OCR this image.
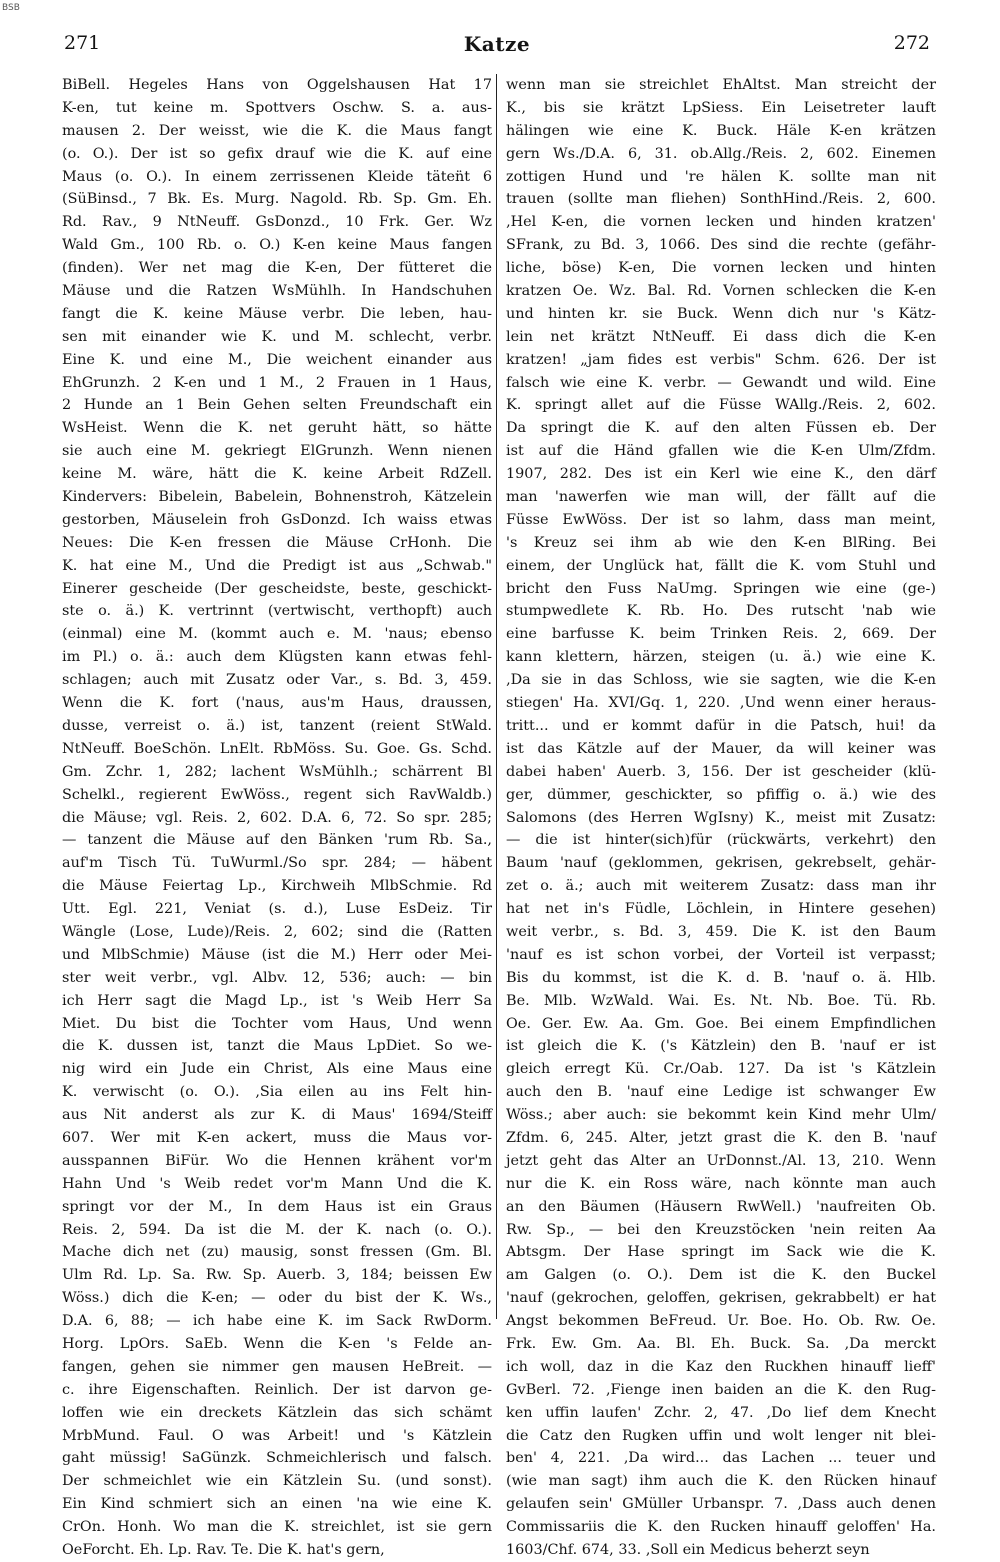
BSB
271	Katze	272
BiBell. Hegeles Hans von Oggelshausen Hat 17
K-en, tut keine m. Spottvers Oschw. S. a. aus-
mausen 2. Der weisst, wie die K. die Maus fangt
(o. O.). Der ist so gefix drauf wie die K. auf eine
Maus (o. O.). In einem zerrissenen Kleide täten̈t 6
(SüBinsd., 7 Bk. Es. Murg. Nagold. Rb. Sp. Gm. Eh.
Rd. Rav., 9 NtNeuff. GsDonzd., 10 Frk. Ger. Wz
Wald Gm., 100 Rb. o. O.) K-en keine Maus fangen
(finden). Wer net mag die K-en, Der fütteret die
Mäuse und die Ratzen WsMühlh. In Handschuhen
fangt die K. keine Mäuse verbr. Die leben, hau-
sen mit einander wie K. und M. schlecht, verbr.
Eine K. und eine M., Die weichent einander aus
EhGrunzh. 2 K-en und 1 M., 2 Frauen in 1 Haus,
2 Hunde an 1 Bein Gehen selten Freundschaft ein
WsHeist. Wenn die K. net geruht hätt, so hätte
sie auch eine M. gekriegt ElGrunzh. Wenn nienen
keine M. wäre, hätt die K. keine Arbeit RdZell.
Kindervers: Bibelein, Babelein, Bohnenstroh, Kätzelein
gestorben, Mäuselein froh GsDonzd. Ich waiss etwas
Neues: Die K-en fressen die Mäuse CrHonh. Die
K. hat eine M., Und die Predigt ist aus „Schwab."
Einerer gescheide (Der gescheidste, beste, geschickt-
ste o. ä.) K. vertrinnt (vertwischt, verthopft) auch
(einmal) eine M. (kommt auch e. M. 'naus; ebenso
im Pl.) o. ä.: auch dem Klügsten kann etwas fehl-
schlagen; auch mit Zusatz oder Var., s. Bd. 3, 459.
Wenn die K. fort ('naus, aus'm Haus, draussen,
dusse, verreist o. ä.) ist, tanzent (reient StWald.
NtNeuff. BoeSchön. LnElt. RbMöss. Su. Goe. Gs. Schd.
Gm. Zchr. 1, 282; lachent WsMühlh.; schärrent Bl
Schelkl., regierent EwWöss., regent sich RavWaldb.)
die Mäuse; vgl. Reis. 2, 602. D.A. 6, 72. So spr. 285;
— tanzent die Mäuse auf den Bänken 'rum Rb. Sa.,
auf'm Tisch Tü. TuWurml./So spr. 284; — häbent
die Mäuse Feiertag Lp., Kirchweih MlbSchmie. Rd
Utt. Egl. 221, Veniat (s. d.), Luse EsDeiz. Tir
Wängle (Lose, Lude)/Reis. 2, 602; sind die (Ratten
und MlbSchmie) Mäuse (ist die M.) Herr oder Mei-
ster weit verbr., vgl. Albv. 12, 536; auch: — bin
ich Herr sagt die Magd Lp., ist 's Weib Herr Sa
Miet. Du bist die Tochter vom Haus, Und wenn
die K. dussen ist, tanzt die Maus LpDiet. So we-
nig wird ein Jude ein Christ, Als eine Maus eine
K. verwischt (o. O.). ‚Sia eilen au ins Felt hin-
aus Nit anderst als zur K. di Maus' 1694/Steiff
607. Wer mit K-en ackert, muss die Maus vor-
ausspannen BiFür. Wo die Hennen krähent vor'm
Hahn Und 's Weib redet vor'm Mann Und die K.
springt vor der M., In dem Haus ist ein Graus
Reis. 2, 594. Da ist die M. der K. nach (o. O.).
Mache dich net (zu) mausig, sonst fressen (Gm. Bl.
Ulm Rd. Lp. Sa. Rw. Sp. Auerb. 3, 184; beissen Ew
Wöss.) dich die K-en; — oder du bist der K. Ws.,
D.A. 6, 88; — ich habe eine K. im Sack RwDorm.
Horg. LpOrs. SaEb. Wenn die K-en 's Felde an-
fangen, gehen sie nimmer gen mausen HeBreit. —
c. ihre Eigenschaften. Reinlich. Der ist darvon ge-
loffen wie ein dreckets Kätzlein das sich schämt
MrbMund. Faul. O was Arbeit! und 's Kätzlein
gaht müssig! SaGünzk. Schmeichlerisch und falsch.
Der schmeichlet wie ein Kätzlein Su. (und sonst).
Ein Kind schmiert sich an einen 'na wie eine K.
CrOn. Honh. Wo man die K. streichlet, ist sie gern
OeForcht. Eh. Lp. Rav. Te. Die K. hat's gern,
wenn man sie streichlet EhAltst. Man streicht der
K., bis sie krätzt LpSiess. Ein Leisetreter lauft
hälingen wie eine K. Buck. Häle K-en krätzen
gern Ws./D.A. 6, 31. ob.Allg./Reis. 2, 602. Einemen
zottigen Hund und 're hälen K. sollte man nit
trauen (sollte man fliehen) SonthHind./Reis. 2, 600.
‚Hel K-en, die vornen lecken und hinden kratzen'
SFrank, zu Bd. 3, 1066. Des sind die rechte (gefähr-
liche, böse) K-en, Die vornen lecken und hinten
kratzen Oe. Wz. Bal. Rd. Vornen schlecken die K-en
und hinten kr. sie Buck. Wenn dich nur 's Kätz-
lein net krätzt NtNeuff. Ei dass dich die K-en
kratzen! „jam fides est verbis" Schm. 626. Der ist
falsch wie eine K. verbr. — Gewandt und wild. Eine
K. springt allet auf die Füsse WAllg./Reis. 2, 602.
Da springt die K. auf den alten Füssen eb. Der
ist auf die Händ gfallen wie die K-en Ulm/Zfdm.
1907, 282. Des ist ein Kerl wie eine K., den därf
man 'nawerfen wie man will, der fällt auf die
Füsse EwWöss. Der ist so lahm, dass man meint,
's Kreuz sei ihm ab wie den K-en BlRing. Bei
einem, der Unglück hat, fällt die K. vom Stuhl und
bricht den Fuss NaUmg. Springen wie eine (ge-)
stumpwedlete K. Rb. Ho. Des rutscht 'nab wie
eine barfusse K. beim Trinken Reis. 2, 669. Der
kann klettern, härzen, steigen (u. ä.) wie eine K.
‚Da sie in das Schloss, wie sie sagten, wie die K-en
stiegen' Ha. XVI/Gq. 1, 220. ‚Und wenn einer heraus-
tritt... und er kommt dafür in die Patsch, hui! da
ist das Kätzle auf der Mauer, da will keiner was
dabei haben' Auerb. 3, 156. Der ist gescheider (klü-
ger, dümmer, geschickter, so pfiffig o. ä.) wie des
Salomons (des Herren WgIsny) K., meist mit Zusatz:
— die ist hinter(sich)für (rückwärts, verkehrt) den
Baum 'nauf (geklommen, gekrisen, gekrebselt, gehär-
zet o. ä.; auch mit weiterem Zusatz: dass man ihr
hat net in's Füdle, Löchlein, in Hintere gesehen)
weit verbr., s. Bd. 3, 459. Die K. ist den Baum
'nauf es ist schon vorbei, der Vorteil ist verpasst;
Bis du kommst, ist die K. d. B. 'nauf o. ä. Hlb.
Be. Mlb. WzWald. Wai. Es. Nt. Nb. Boe. Tü. Rb.
Oe. Ger. Ew. Aa. Gm. Goe. Bei einem Empfindlichen
ist gleich die K. ('s Kätzlein) den B. 'nauf er ist
gleich erregt Kü. Cr./Oab. 127. Da ist 's Kätzlein
auch den B. 'nauf eine Ledige ist schwanger Ew
Wöss.; aber auch: sie bekommt kein Kind mehr Ulm/
Zfdm. 6, 245. Alter, jetzt grast die K. den B. 'nauf
jetzt geht das Alter an UrDonnst./Al. 13, 210. Wenn
nur die K. ein Ross wäre, nach könnte man auch
an den Bäumen (Häusern RwWell.) 'naufreiten Ob.
Rw. Sp., — bei den Kreuzstöcken 'nein reiten Aa
Abtsgm. Der Hase springt im Sack wie die K.
am Galgen (o. O.). Dem ist die K. den Buckel
'nauf (gekrochen, geloffen, gekrisen, gekrabbelt) er hat
Angst bekommen BeFreud. Ur. Boe. Ho. Ob. Rw. Oe.
Frk. Ew. Gm. Aa. Bl. Eh. Buck. Sa. ‚Da merckt
ich woll, daz in die Kaz den Ruckhen hinauff lieff'
GvBerl. 72. ‚Fienge inen baiden an die K. den Rug-
ken uffin laufen' Zchr. 2, 47. ‚Do lief dem Knecht
die Catz den Rugken uffin und wolt lenger nit blei-
ben' 4, 221. ‚Da wird... das Lachen ... teuer und
(wie man sagt) ihm auch die K. den Rücken hinauf
gelaufen sein' GMüller Urbanspr. 7. ‚Dass auch denen
Commissariis die K. den Rucken hinauff geloffen' Ha.
1603/Chf. 674, 33. ‚Soll ein Medicus beherzt seyn
